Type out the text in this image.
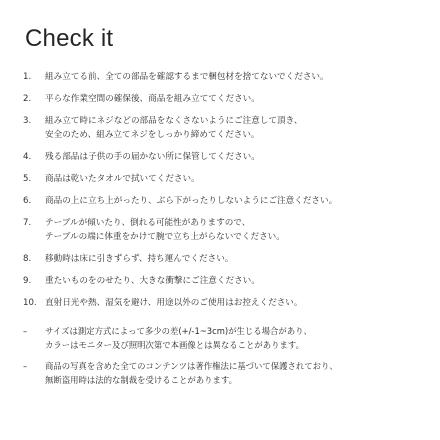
Check it
1.	組み立てる前、全ての部品を確認するまで梱包材を捨てないでください。
2.	平らな作業空間の確保後、商品を組み立ててください。
3.	組み立て時にネジなどの部品をなくさないようにご注意して頂き、
安全のため、組み立てネジをしっかり締めてください。
4.	残る部品は子供の手の届かない所に保管してください。
5.	商品は乾いたタオルで拭いてください。
6.	商品の上に立ち上がったり、ぶら下がったりしないようにご注意ください。
7.	テーブルが傾いたり、倒れる可能性がありますので、
テーブルの端に体重をかけて腕で立ち上がらないでください。
8.	移動時は床に引きずらず、持ち運んでください。
9.	重たいものをのせたり、大きな衝撃にご注意ください。
10. 直射日光や熱、湿気を避け、用途以外のご使用はお控えください。
–	サイズは測定方式によって多少の差(+/-1~3cm)が生じる場合があり、
カラーはモニター及び照明次第で本画像とは異なることがあります。
–	商品の写真を含めた全てのコンテンツは著作権法に基づいて保護されており、
無断盗用時は法的な制裁を受けることがあります。
